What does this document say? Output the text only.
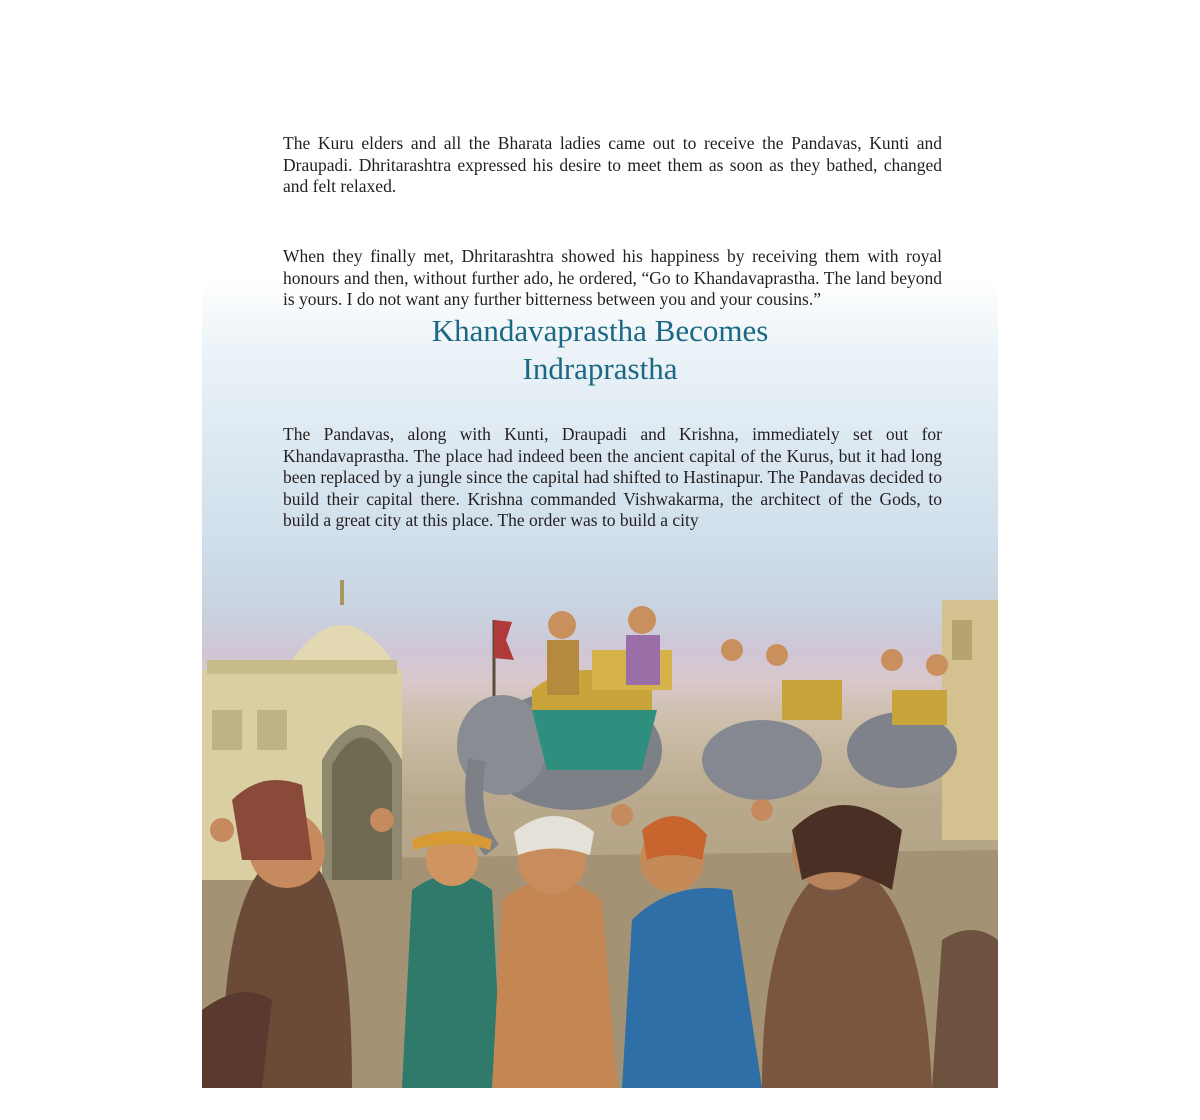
The Kuru elders and all the Bharata ladies came out to receive the Pandavas, Kunti and Draupadi. Dhritarashtra expressed his desire to meet them as soon as they bathed, changed and felt relaxed.

When they finally met, Dhritarashtra showed his happiness by receiving them with royal honours and then, without further ado, he ordered, “Go to Khandavaprastha. The land beyond is yours. I do not want any further bitterness between you and your cousins.”

Khandavaprastha Becomes
Indraprastha

The Pandavas, along with Kunti, Draupadi and Krishna, immediately set out for Khandavaprastha. The place had indeed been the ancient capital of the Kurus, but it had long been replaced by a jungle since the capital had shifted to Hastinapur. The Pandavas decided to build their capital there. Krishna commanded Vishwakarma, the architect of the Gods, to build a great city at this place. The order was to build a city
